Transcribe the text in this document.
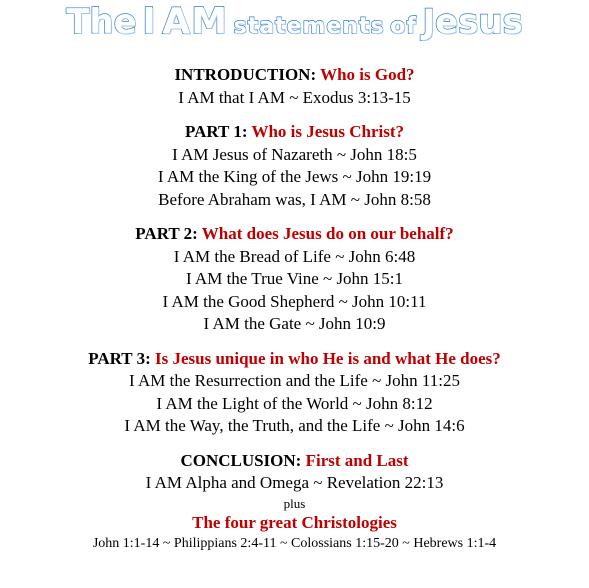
The I AM statements of Jesus
INTRODUCTION: Who is God?
I AM that I AM ~ Exodus 3:13-15
PART 1: Who is Jesus Christ?
I AM Jesus of Nazareth ~ John 18:5
I AM the King of the Jews ~ John 19:19
Before Abraham was, I AM ~ John 8:58
PART 2: What does Jesus do on our behalf?
I AM the Bread of Life ~ John 6:48
I AM the True Vine ~ John 15:1
I AM the Good Shepherd ~ John 10:11
I AM the Gate ~ John 10:9
PART 3: Is Jesus unique in who He is and what He does?
I AM the Resurrection and the Life ~ John 11:25
I AM the Light of the World ~ John 8:12
I AM the Way, the Truth, and the Life ~ John 14:6
CONCLUSION: First and Last
I AM Alpha and Omega ~ Revelation 22:13
plus
The four great Christologies
John 1:1-14 ~ Philippians 2:4-11 ~ Colossians 1:15-20 ~ Hebrews 1:1-4
